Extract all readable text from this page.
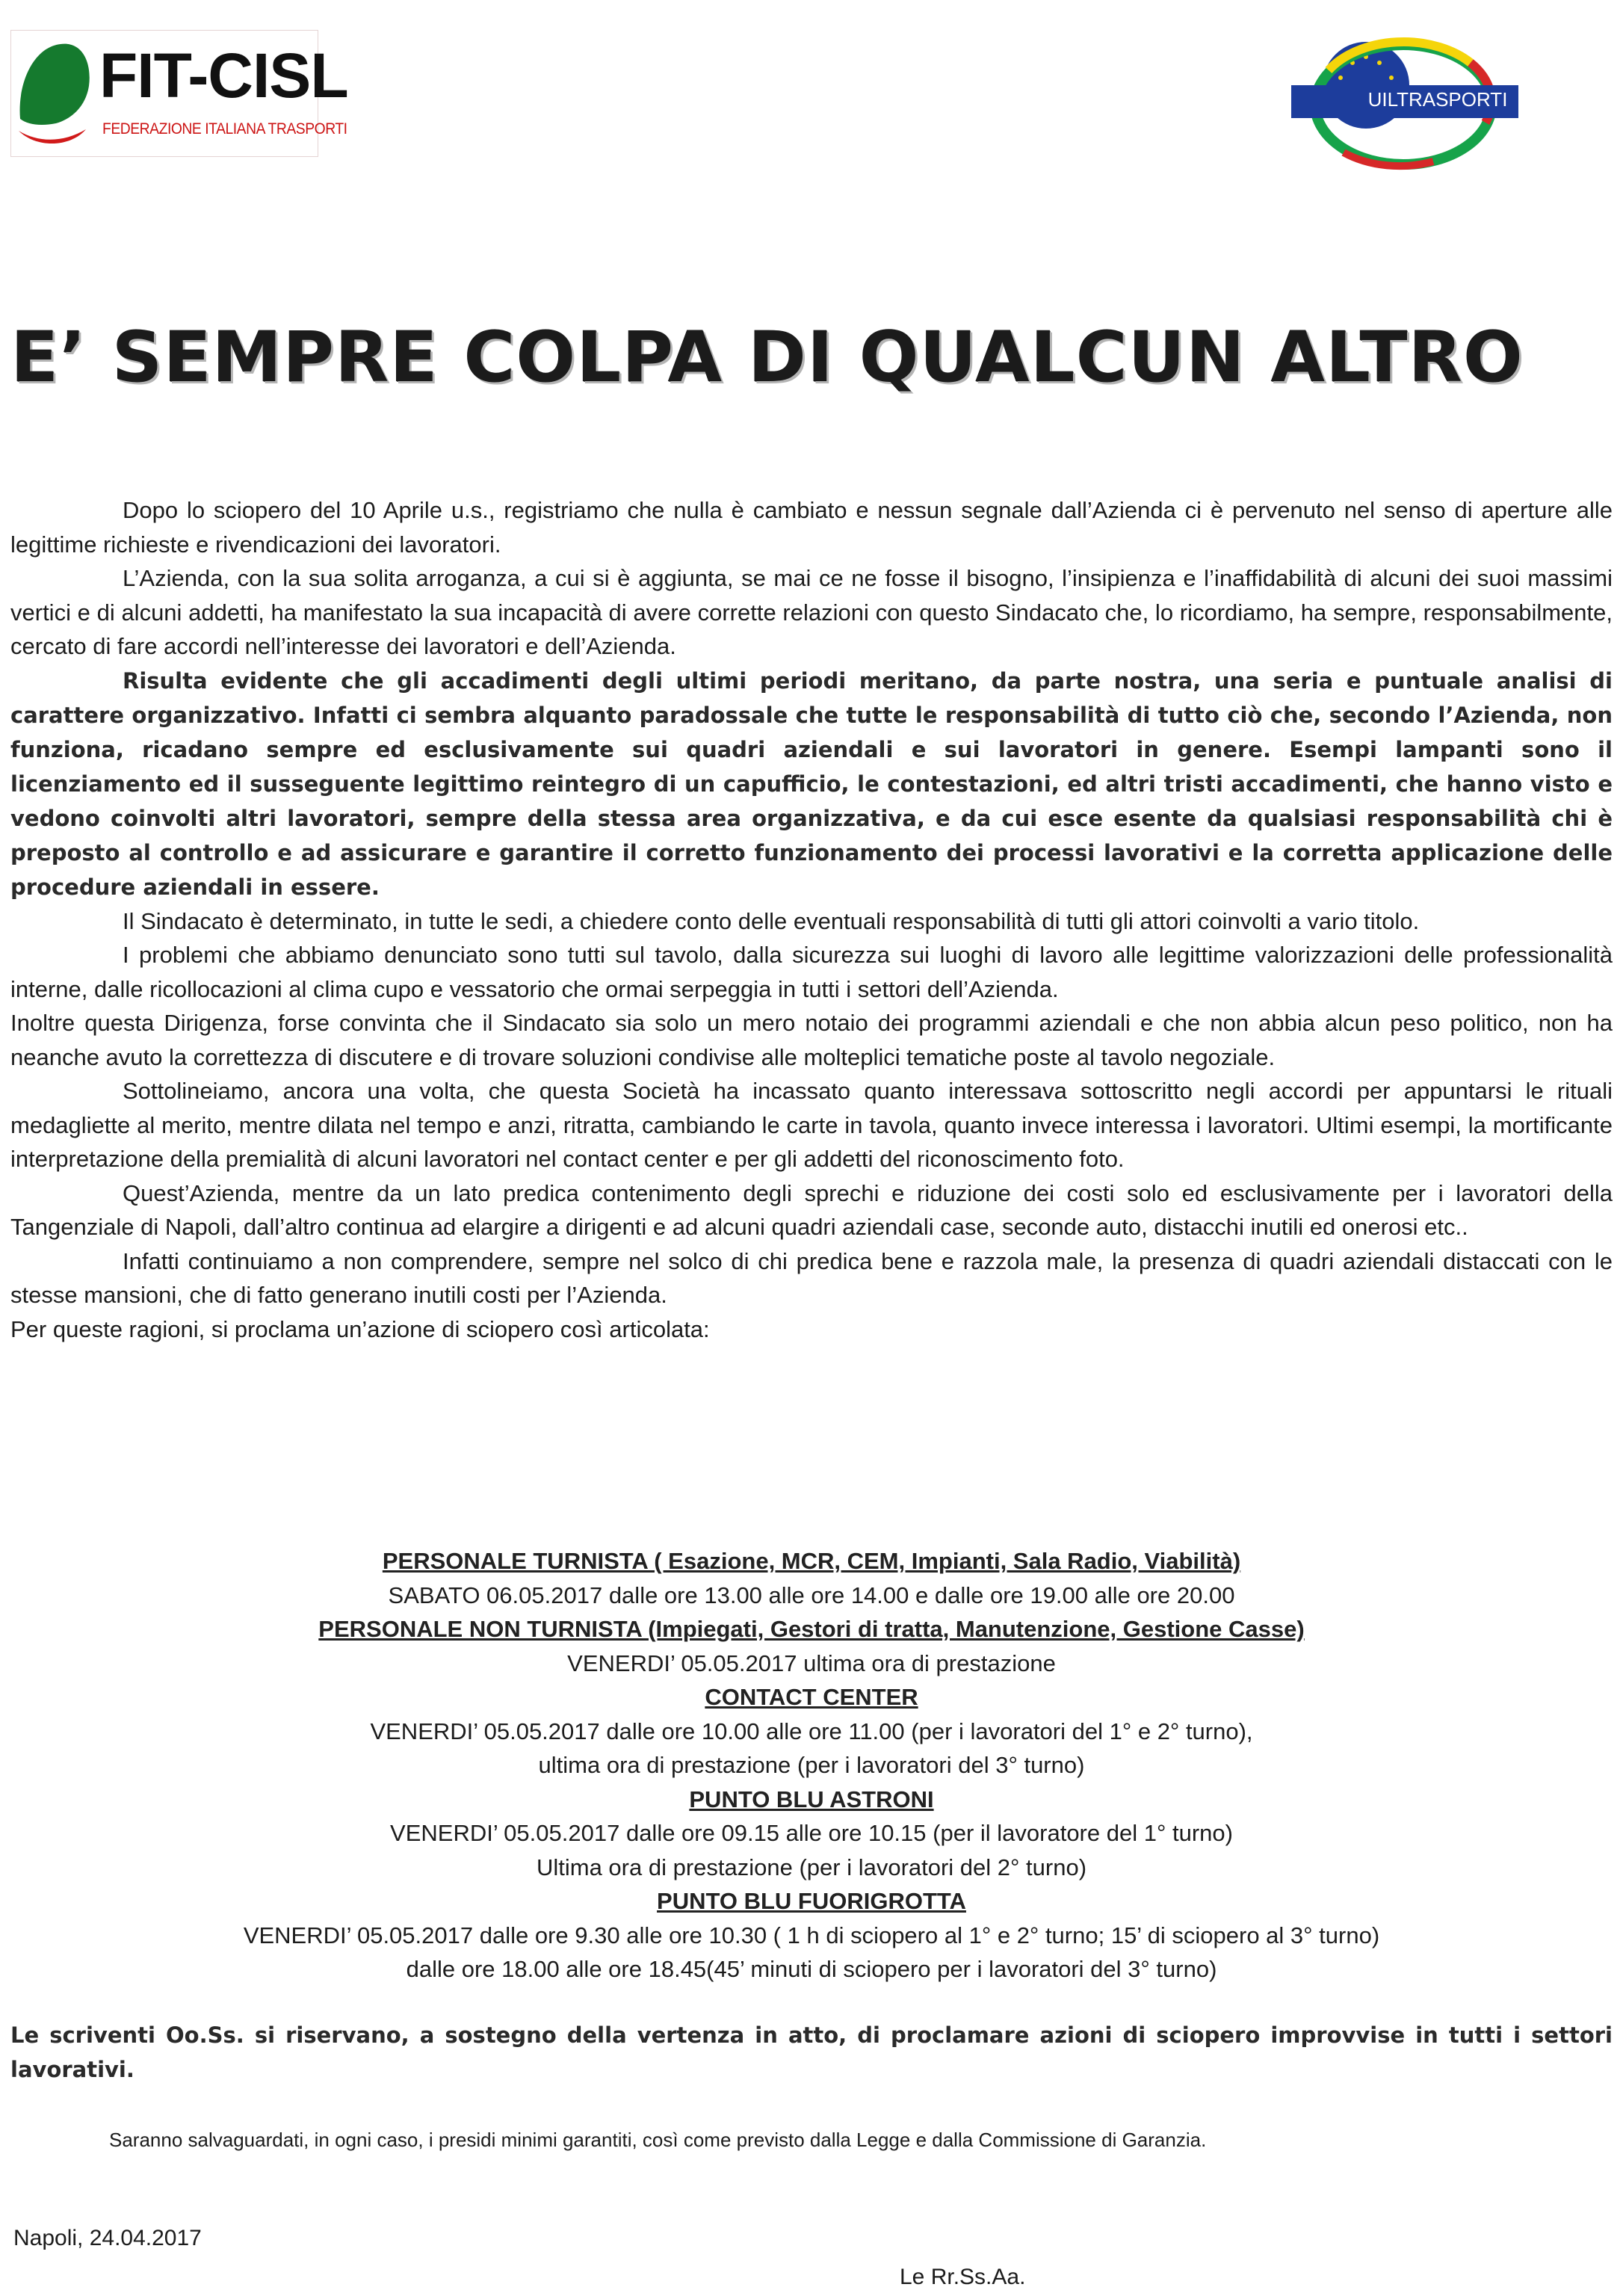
FIT-CISL
FEDERAZIONE ITALIANA TRASPORTI
UILTRASPORTI
E’ SEMPRE COLPA DI QUALCUN ALTRO

Dopo lo sciopero del 10 Aprile u.s., registriamo che nulla è cambiato e nessun segnale dall’Azienda ci è pervenuto nel senso di aperture alle legittime richieste e rivendicazioni dei lavoratori.

L’Azienda, con la sua solita arroganza, a cui si è aggiunta, se mai ce ne fosse il bisogno, l’insipienza e l’inaffidabilità di alcuni dei suoi massimi vertici e di alcuni addetti, ha manifestato la sua incapacità di avere corrette relazioni con questo Sindacato che, lo ricordiamo, ha sempre, responsabilmente, cercato di fare accordi nell’interesse dei lavoratori e dell’Azienda.

Risulta evidente che gli accadimenti degli ultimi periodi meritano, da parte nostra, una seria e puntuale analisi di carattere organizzativo. Infatti ci sembra alquanto paradossale che tutte le responsabilità di tutto ciò che, secondo l’Azienda, non funziona, ricadano sempre ed esclusivamente sui quadri aziendali e sui lavoratori in genere. Esempi lampanti sono il licenziamento ed il susseguente legittimo reintegro di un capufficio, le contestazioni, ed altri tristi accadimenti, che hanno visto e vedono coinvolti altri lavoratori, sempre della stessa area organizzativa, e da cui esce esente da qualsiasi responsabilità chi è preposto al controllo e ad assicurare e garantire il corretto funzionamento dei processi lavorativi e la corretta applicazione delle procedure aziendali in essere.

Il Sindacato è determinato, in tutte le sedi, a chiedere conto delle eventuali responsabilità di tutti gli attori coinvolti a vario titolo.

I problemi che abbiamo denunciato sono tutti sul tavolo, dalla sicurezza sui luoghi di lavoro alle legittime valorizzazioni delle professionalità interne, dalle ricollocazioni al clima cupo e vessatorio che ormai serpeggia in tutti i settori dell’Azienda.

Inoltre questa Dirigenza, forse convinta che il Sindacato sia solo un mero notaio dei programmi aziendali e che non abbia alcun peso politico, non ha neanche avuto la correttezza di discutere e di trovare soluzioni condivise alle molteplici tematiche poste al tavolo negoziale.

Sottolineiamo, ancora una volta, che questa Società ha incassato quanto interessava sottoscritto negli accordi per appuntarsi le rituali medagliette al merito, mentre dilata nel tempo e anzi, ritratta, cambiando le carte in tavola, quanto invece interessa i lavoratori. Ultimi esempi, la mortificante interpretazione della premialità di alcuni lavoratori nel contact center e per gli addetti del riconoscimento foto.

Quest’Azienda, mentre da un lato predica contenimento degli sprechi e riduzione dei costi solo ed esclusivamente per i lavoratori della Tangenziale di Napoli, dall’altro continua ad elargire a dirigenti e ad alcuni quadri aziendali case, seconde auto, distacchi inutili ed onerosi etc..

Infatti continuiamo a non comprendere, sempre nel solco di chi predica bene e razzola male, la presenza di quadri aziendali distaccati con le stesse mansioni, che di fatto generano inutili costi per l’Azienda.

Per queste ragioni, si proclama un’azione di sciopero così articolata:

PERSONALE TURNISTA ( Esazione, MCR, CEM, Impianti, Sala Radio, Viabilità)
SABATO 06.05.2017 dalle ore 13.00 alle ore 14.00 e dalle ore 19.00 alle ore 20.00
PERSONALE NON TURNISTA (Impiegati, Gestori di tratta, Manutenzione, Gestione Casse)
VENERDI’ 05.05.2017 ultima ora di prestazione
CONTACT CENTER
VENERDI’ 05.05.2017 dalle ore 10.00 alle ore 11.00 (per i lavoratori del 1° e 2° turno),
ultima ora di prestazione (per i lavoratori del 3° turno)
PUNTO BLU ASTRONI
VENERDI’ 05.05.2017 dalle ore 09.15 alle ore 10.15 (per il lavoratore del 1° turno)
Ultima ora di prestazione (per i lavoratori del 2° turno)
PUNTO BLU FUORIGROTTA
VENERDI’ 05.05.2017 dalle ore 9.30 alle ore 10.30 ( 1 h di sciopero al 1° e 2° turno; 15’ di sciopero al 3° turno)
dalle ore 18.00 alle ore 18.45(45’ minuti di sciopero per i lavoratori del 3° turno)
Le scriventi Oo.Ss. si riservano, a sostegno della vertenza in atto, di proclamare azioni di sciopero improvvise in tutti i settori lavorativi.
Saranno salvaguardati, in ogni caso, i presidi minimi garantiti, così come previsto dalla Legge e dalla Commissione di Garanzia.
Napoli, 24.04.2017
Le Rr.Ss.Aa.
